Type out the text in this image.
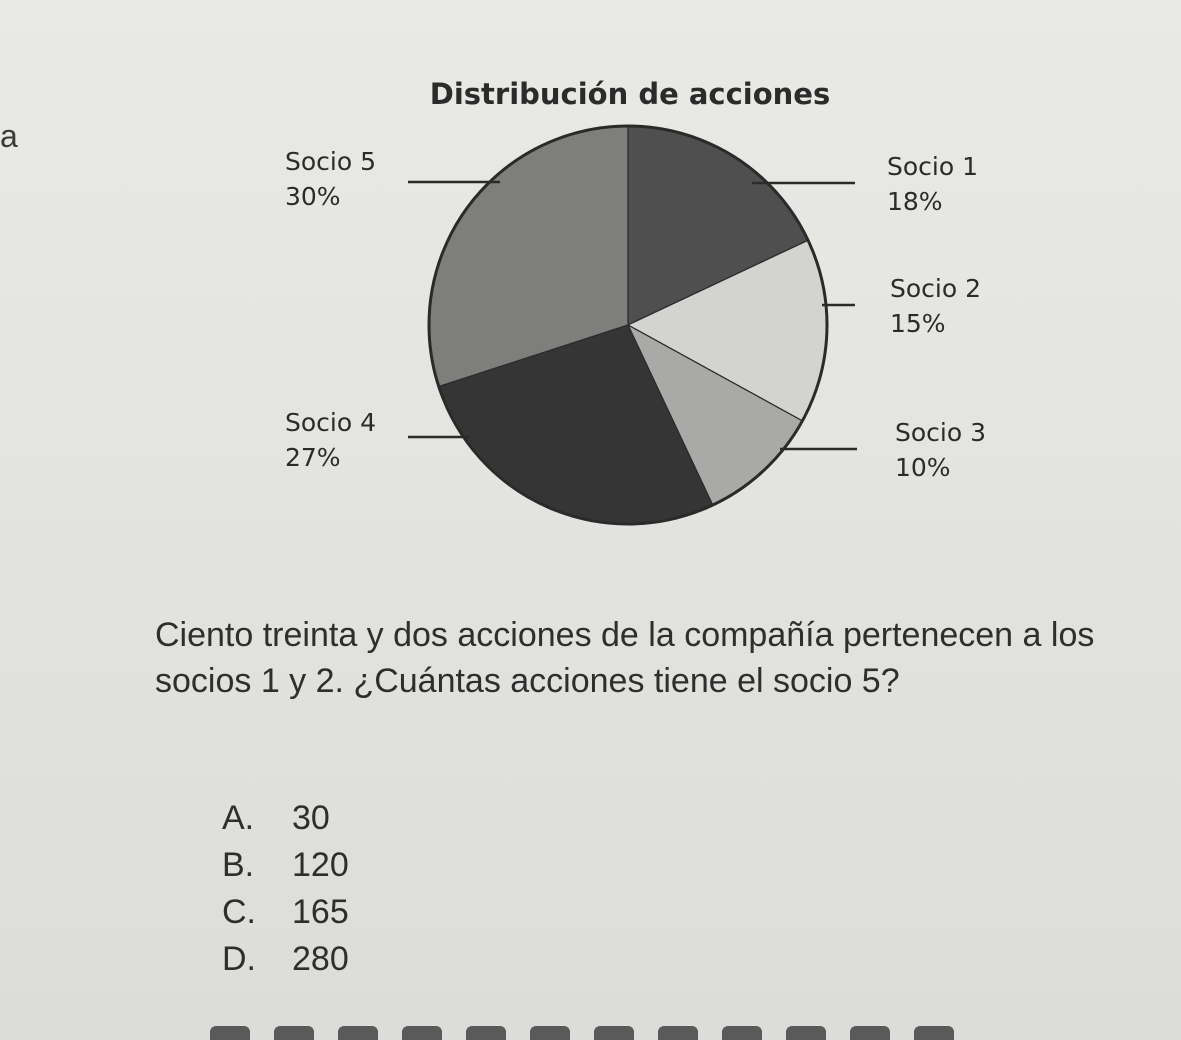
a
Distribución de acciones
Socio 1
18%
Socio 2
15%
Socio 3
10%
Socio 4
27%
Socio 5
30%

Ciento treinta y dos acciones de la compañía pertenecen a los socios 1 y 2. ¿Cuántas acciones tiene el socio 5?

A.	30
B.	120
C.	165
D.	280
